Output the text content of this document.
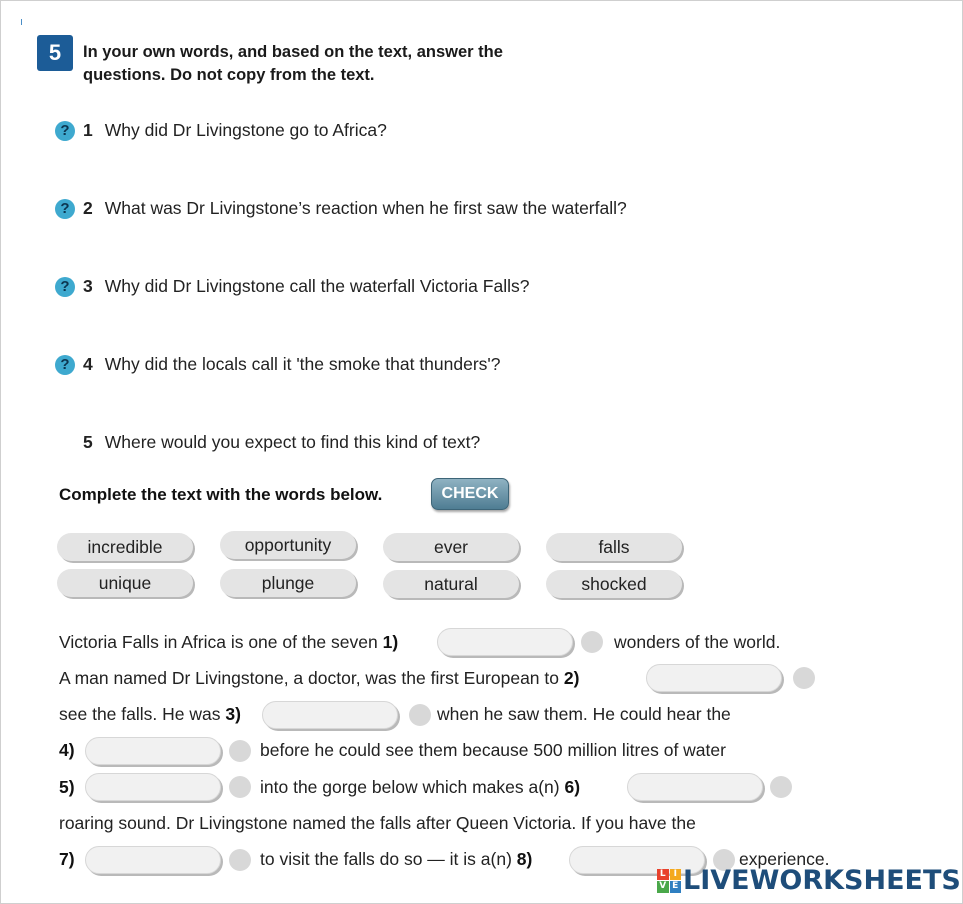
5	In your own words, and based on the text, answer the
questions. Do not copy from the text.
? 1 Why did Dr Livingstone go to Africa?
? 2 What was Dr Livingstone’s reaction when he first saw the waterfall?
? 3 Why did Dr Livingstone call the waterfall Victoria Falls?
? 4 Why did the locals call it 'the smoke that thunders'?
5 Where would you expect to find this kind of text?
Complete the text with the words below.	CHECK
incredible	opportunity	ever	falls
unique	plunge	natural	shocked
Victoria Falls in Africa is one of the seven 1)	wonders of the world.
A man named Dr Livingstone, a doctor, was the first European to 2)
see the falls. He was 3)	when he saw them. He could hear the
4)	before he could see them because 500 million litres of water
5)	into the gorge below which makes a(n) 6)
roaring sound. Dr Livingstone named the falls after Queen Victoria. If you have the
7)	to visit the falls do so — it is a(n) 8)	experience.
L I
V E LIVEWORKSHEETS
